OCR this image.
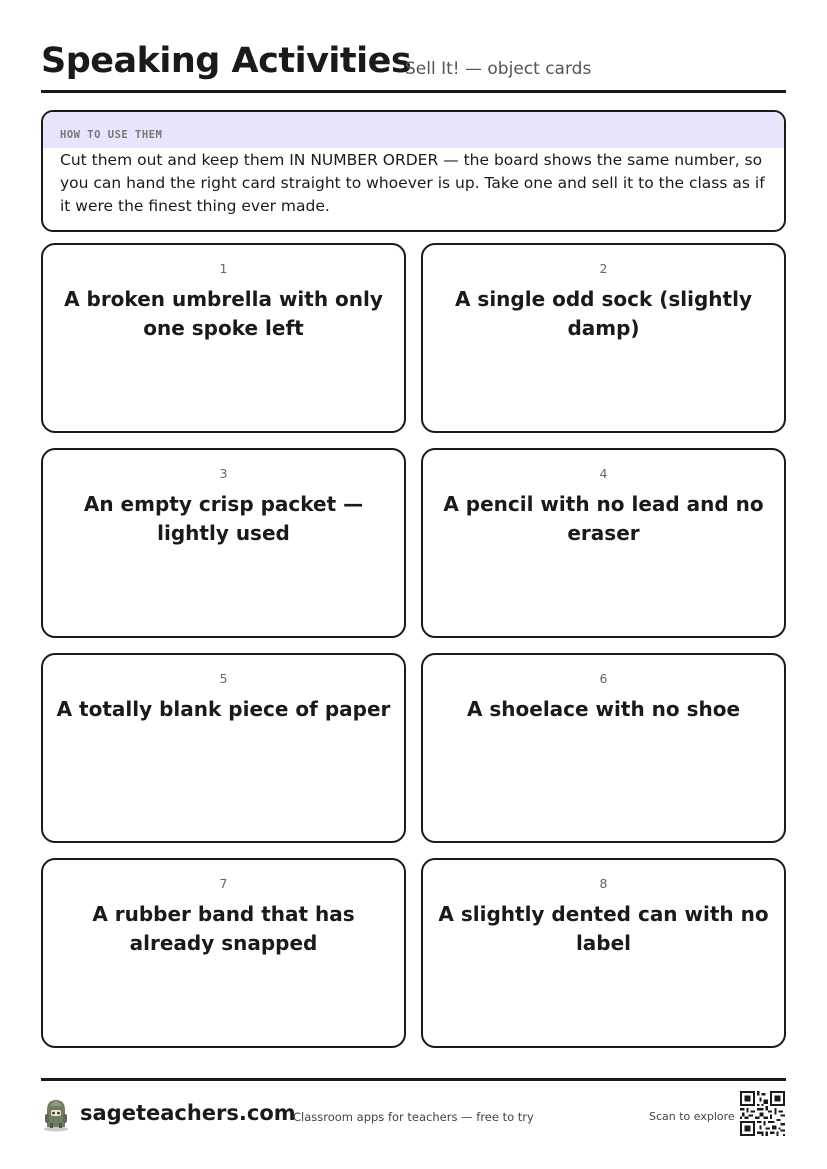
Speaking Activities
Sell It! — object cards
HOW TO USE THEM
Cut them out and keep them IN NUMBER ORDER — the board shows the same number, so you can hand the right card straight to whoever is up. Take one and sell it to the class as if it were the finest thing ever made.
1
A broken umbrella with only one spoke left
2
A single odd sock (slightly damp)
3
An empty crisp packet — lightly used
4
A pencil with no lead and no eraser
5
A totally blank piece of paper
6
A shoelace with no shoe
7
A rubber band that has already snapped
8
A slightly dented can with no label
sageteachers.com
Classroom apps for teachers — free to try	Scan to explore
